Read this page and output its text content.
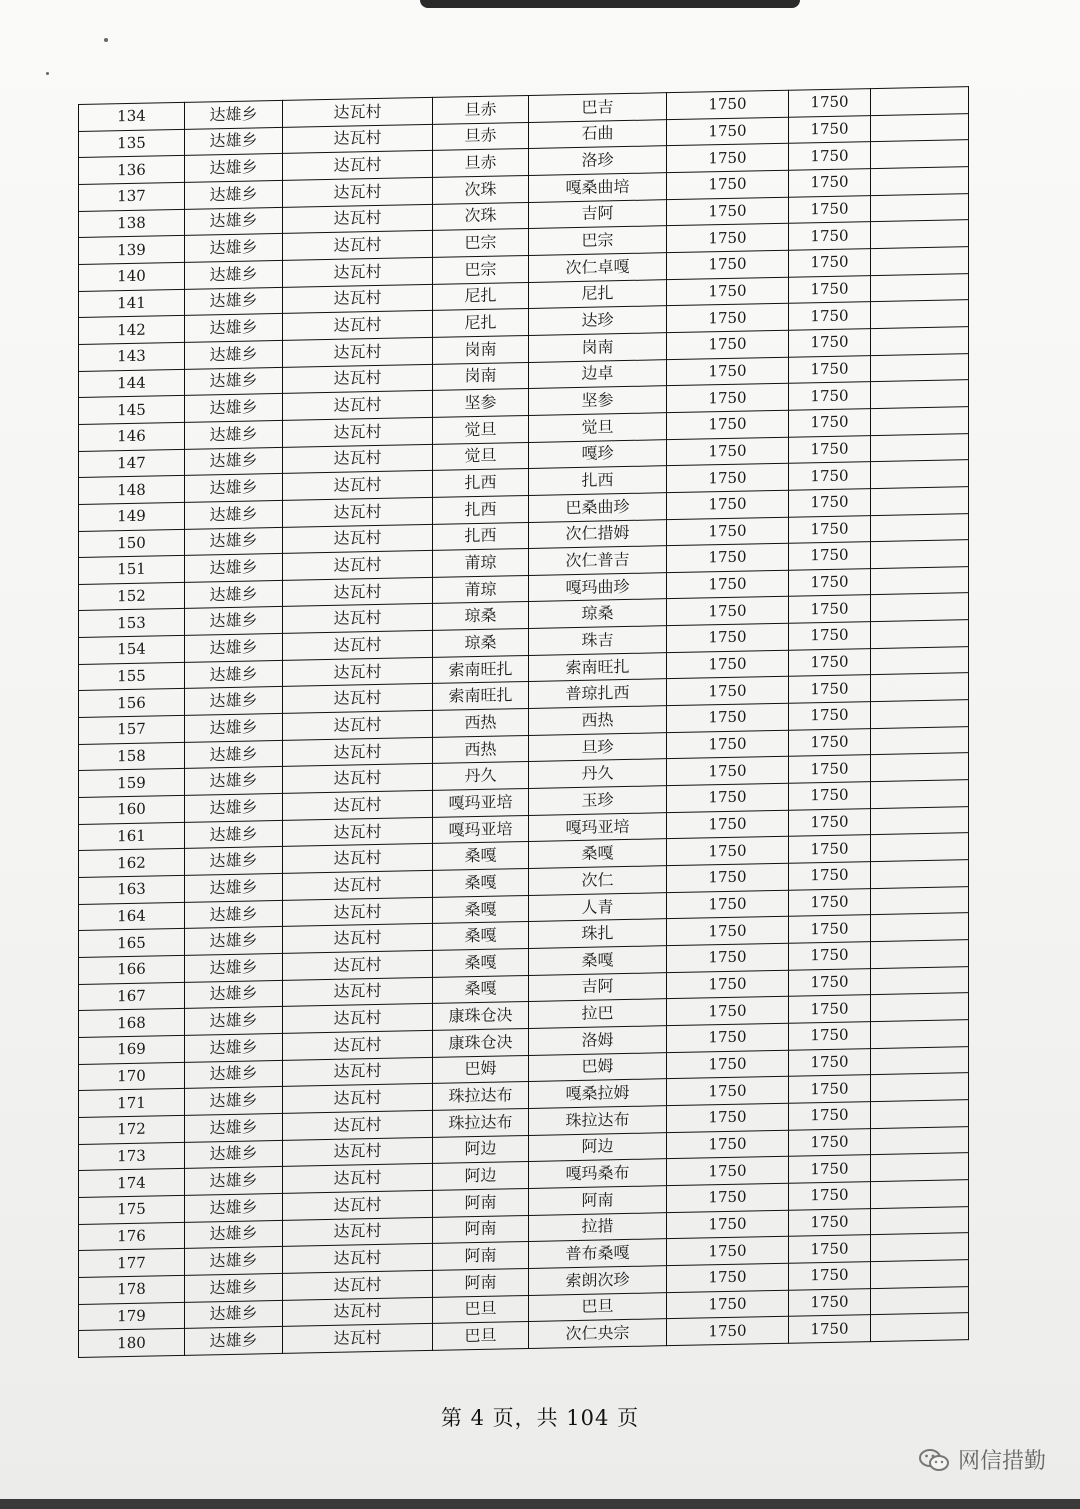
134	达雄乡	达瓦村	旦赤	巴吉	1750	1750	
135	达雄乡	达瓦村	旦赤	石曲	1750	1750	
136	达雄乡	达瓦村	旦赤	洛珍	1750	1750	
137	达雄乡	达瓦村	次珠	嘎桑曲培	1750	1750	
138	达雄乡	达瓦村	次珠	吉阿	1750	1750	
139	达雄乡	达瓦村	巴宗	巴宗	1750	1750	
140	达雄乡	达瓦村	巴宗	次仁卓嘎	1750	1750	
141	达雄乡	达瓦村	尼扎	尼扎	1750	1750	
142	达雄乡	达瓦村	尼扎	达珍	1750	1750	
143	达雄乡	达瓦村	岗南	岗南	1750	1750	
144	达雄乡	达瓦村	岗南	边卓	1750	1750	
145	达雄乡	达瓦村	坚参	坚参	1750	1750	
146	达雄乡	达瓦村	觉旦	觉旦	1750	1750	
147	达雄乡	达瓦村	觉旦	嘎珍	1750	1750	
148	达雄乡	达瓦村	扎西	扎西	1750	1750	
149	达雄乡	达瓦村	扎西	巴桑曲珍	1750	1750	
150	达雄乡	达瓦村	扎西	次仁措姆	1750	1750	
151	达雄乡	达瓦村	莆琼	次仁普吉	1750	1750	
152	达雄乡	达瓦村	莆琼	嘎玛曲珍	1750	1750	
153	达雄乡	达瓦村	琼桑	琼桑	1750	1750	
154	达雄乡	达瓦村	琼桑	珠吉	1750	1750	
155	达雄乡	达瓦村	索南旺扎	索南旺扎	1750	1750	
156	达雄乡	达瓦村	索南旺扎	普琼扎西	1750	1750	
157	达雄乡	达瓦村	西热	西热	1750	1750	
158	达雄乡	达瓦村	西热	旦珍	1750	1750	
159	达雄乡	达瓦村	丹久	丹久	1750	1750	
160	达雄乡	达瓦村	嘎玛亚培	玉珍	1750	1750	
161	达雄乡	达瓦村	嘎玛亚培	嘎玛亚培	1750	1750	
162	达雄乡	达瓦村	桑嘎	桑嘎	1750	1750	
163	达雄乡	达瓦村	桑嘎	次仁	1750	1750	
164	达雄乡	达瓦村	桑嘎	人青	1750	1750	
165	达雄乡	达瓦村	桑嘎	珠扎	1750	1750	
166	达雄乡	达瓦村	桑嘎	桑嘎	1750	1750	
167	达雄乡	达瓦村	桑嘎	吉阿	1750	1750	
168	达雄乡	达瓦村	康珠仓决	拉巴	1750	1750	
169	达雄乡	达瓦村	康珠仓决	洛姆	1750	1750	
170	达雄乡	达瓦村	巴姆	巴姆	1750	1750	
171	达雄乡	达瓦村	珠拉达布	嘎桑拉姆	1750	1750	
172	达雄乡	达瓦村	珠拉达布	珠拉达布	1750	1750	
173	达雄乡	达瓦村	阿边	阿边	1750	1750	
174	达雄乡	达瓦村	阿边	嘎玛桑布	1750	1750	
175	达雄乡	达瓦村	阿南	阿南	1750	1750	
176	达雄乡	达瓦村	阿南	拉措	1750	1750	
177	达雄乡	达瓦村	阿南	普布桑嘎	1750	1750	
178	达雄乡	达瓦村	阿南	索朗次珍	1750	1750	
179	达雄乡	达瓦村	巴旦	巴旦	1750	1750	
180	达雄乡	达瓦村	巴旦	次仁央宗	1750	1750	
第 4 页，共 104 页
网信措勤
